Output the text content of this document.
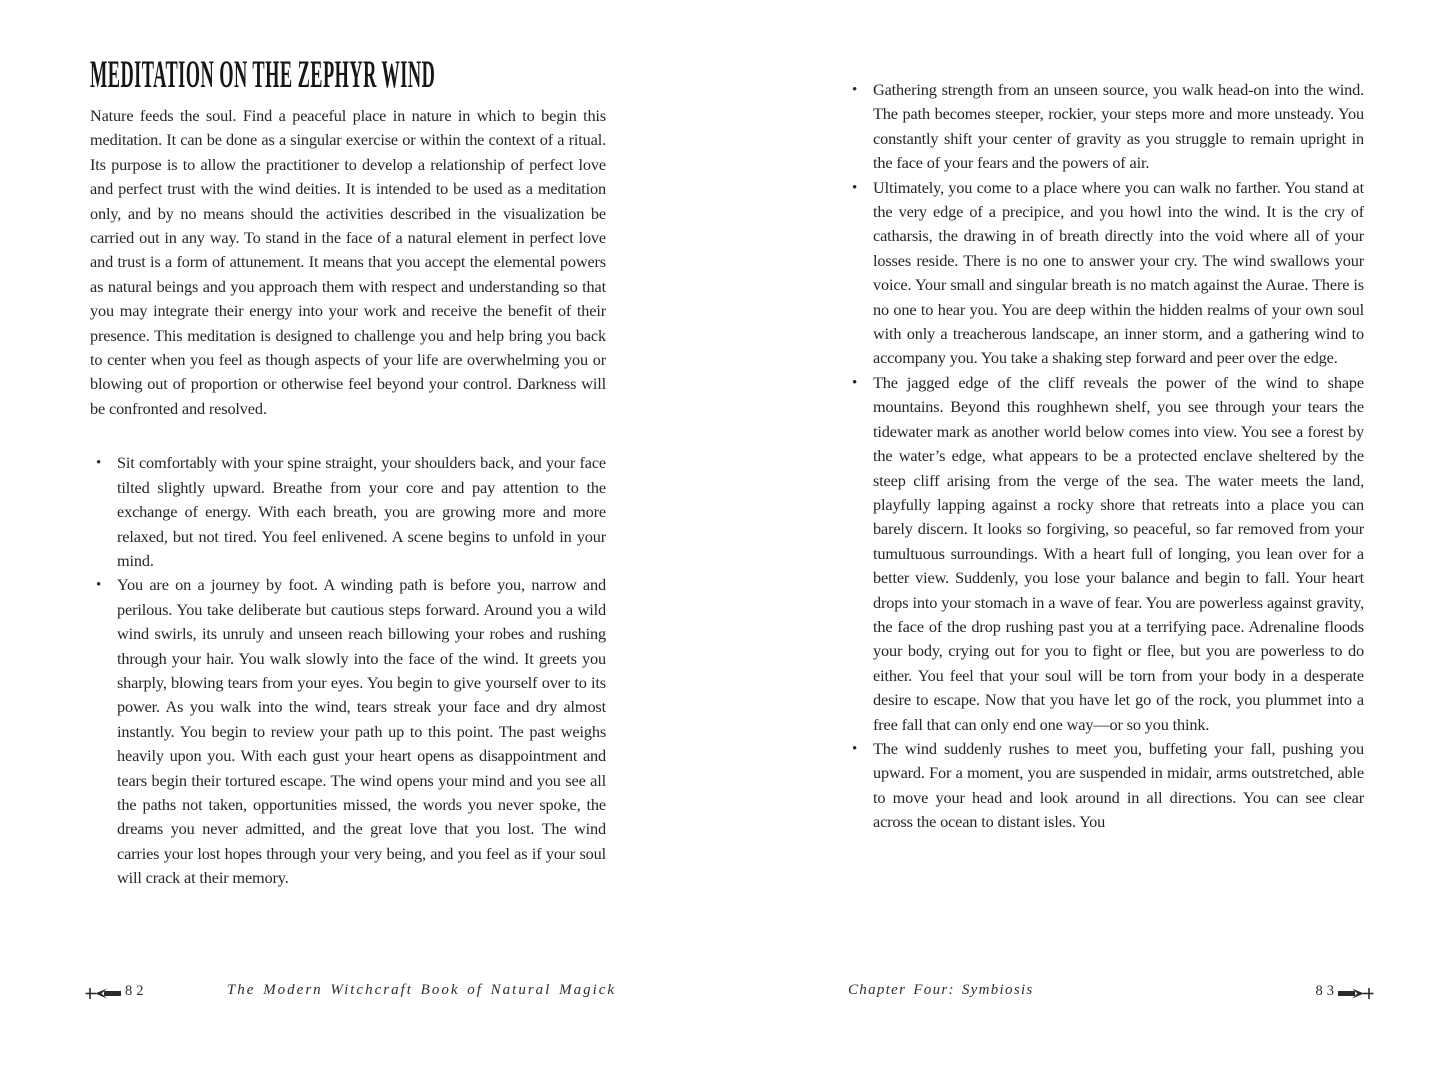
MEDITATION ON THE ZEPHYR WIND

Nature feeds the soul. Find a peaceful place in nature in which to begin this meditation. It can be done as a singular exercise or within the context of a ritual. Its purpose is to allow the practitioner to develop a relationship of perfect love and perfect trust with the wind deities. It is intended to be used as a meditation only, and by no means should the activities described in the visualization be carried out in any way. To stand in the face of a natural element in perfect love and trust is a form of attunement. It means that you accept the elemental powers as natural beings and you approach them with respect and understanding so that you may integrate their energy into your work and receive the benefit of their presence. This meditation is designed to challenge you and help bring you back to center when you feel as though aspects of your life are overwhelming you or blowing out of proportion or otherwise feel beyond your control. Darkness will be confronted and resolved.

• Sit comfortably with your spine straight, your shoulders back, and your face tilted slightly upward. Breathe from your core and pay attention to the exchange of energy. With each breath, you are growing more and more relaxed, but not tired. You feel enlivened. A scene begins to unfold in your mind.
• You are on a journey by foot. A winding path is before you, narrow and perilous. You take deliberate but cautious steps forward. Around you a wild wind swirls, its unruly and unseen reach billowing your robes and rushing through your hair. You walk slowly into the face of the wind. It greets you sharply, blowing tears from your eyes. You begin to give yourself over to its power. As you walk into the wind, tears streak your face and dry almost instantly. You begin to review your path up to this point. The past weighs heavily upon you. With each gust your heart opens as disappointment and tears begin their tortured escape. The wind opens your mind and you see all the paths not taken, opportunities missed, the words you never spoke, the dreams you never admitted, and the great love that you lost. The wind carries your lost hopes through your very being, and you feel as if your soul will crack at their memory.
• Gathering strength from an unseen source, you walk head-on into the wind. The path becomes steeper, rockier, your steps more and more unsteady. You constantly shift your center of gravity as you struggle to remain upright in the face of your fears and the powers of air.
• Ultimately, you come to a place where you can walk no farther. You stand at the very edge of a precipice, and you howl into the wind. It is the cry of catharsis, the drawing in of breath directly into the void where all of your losses reside. There is no one to answer your cry. The wind swallows your voice. Your small and singular breath is no match against the Aurae. There is no one to hear you. You are deep within the hidden realms of your own soul with only a treacherous landscape, an inner storm, and a gathering wind to accompany you. You take a shaking step forward and peer over the edge.
• The jagged edge of the cliff reveals the power of the wind to shape mountains. Beyond this roughhewn shelf, you see through your tears the tidewater mark as another world below comes into view. You see a forest by the water’s edge, what appears to be a protected enclave sheltered by the steep cliff arising from the verge of the sea. The water meets the land, playfully lapping against a rocky shore that retreats into a place you can barely discern. It looks so forgiving, so peaceful, so far removed from your tumultuous surroundings. With a heart full of longing, you lean over for a better view. Suddenly, you lose your balance and begin to fall. Your heart drops into your stomach in a wave of fear. You are powerless against gravity, the face of the drop rushing past you at a terrifying pace. Adrenaline floods your body, crying out for you to fight or flee, but you are powerless to do either. You feel that your soul will be torn from your body in a desperate desire to escape. Now that you have let go of the rock, you plummet into a free fall that can only end one way—or so you think.
• The wind suddenly rushes to meet you, buffeting your fall, pushing you upward. For a moment, you are suspended in midair, arms outstretched, able to move your head and look around in all directions. You can see clear across the ocean to distant isles. You
82	The Modern Witchcraft Book of Natural Magick	Chapter Four: Symbiosis	83
